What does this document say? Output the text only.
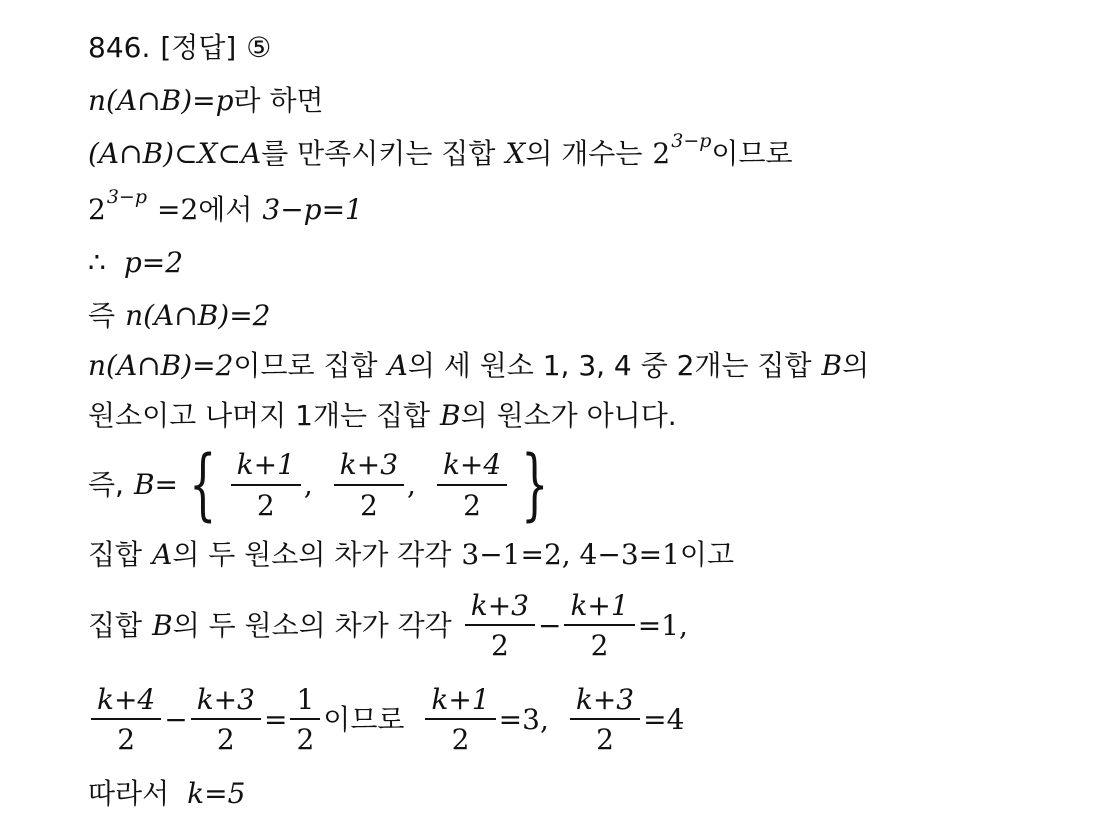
846. [정답] ⑤
n(A∩B)= p 라 하면
(A∩B)⊂X⊂A 를 만족시키는 집합 X 의 개수는 2 3−p 이므로
2 3−p =2 에서 3−p=1
∴ p=2
즉 n(A∩B)=2
n(A∩B)=2 이므로 집합 A 의 세 원소 1, 3, 4 중 2개는 집합 B 의
원소이고 나머지 1개는 집합 B 의 원소가 아니다.
즉, B= { $\frac{k+1}{2}$ , $\frac{k+3}{2}$ , $\frac{k+4}{2}$ }
집합 A 의 두 원소의 차가 각각 3−1=2, 4−3=1 이고
집합 B 의 두 원소의 차가 각각 $\frac{k+3}{2} - \frac{k+1}{2} =1$,
$\frac{k+4}{2} - \frac{k+3}{2} = \frac{1}{2}$ 이므로 $\frac{k+1}{2} =3$, $\frac{k+3}{2} =4$
따라서 k=5
